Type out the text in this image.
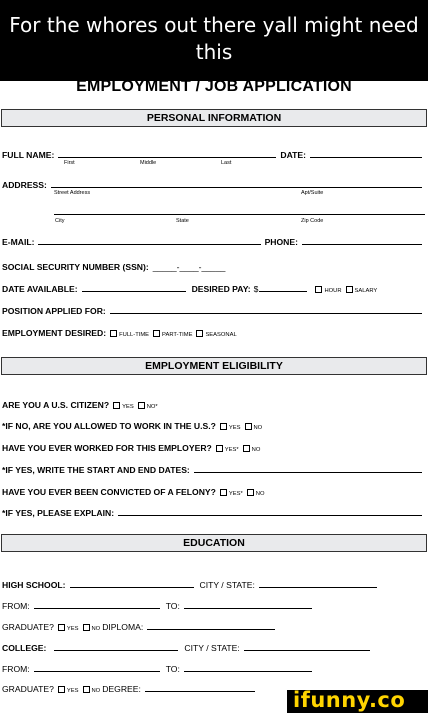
For the whores out there yall might need this
EMPLOYMENT / JOB APPLICATION
PERSONAL INFORMATION
FULL NAME:	DATE:
First	Middle	Last
ADDRESS:
Street Address	Apt/Suite
City	State	Zip Code
E-MAIL:	PHONE:
SOCIAL SECURITY NUMBER (SSN): _____-____-_____
DATE AVAILABLE:	DESIRED PAY: $	HOUR SALARY
POSITION APPLIED FOR:
EMPLOYMENT DESIRED: FULL-TIME PART-TIME SEASONAL
EMPLOYMENT ELIGIBILITY
ARE YOU A U.S. CITIZEN? YES NO*
*IF NO, ARE YOU ALLOWED TO WORK IN THE U.S.? YES NO
HAVE YOU EVER WORKED FOR THIS EMPLOYER? YES* NO
*IF YES, WRITE THE START AND END DATES:
HAVE YOU EVER BEEN CONVICTED OF A FELONY? YES* NO
*IF YES, PLEASE EXPLAIN:
EDUCATION
HIGH SCHOOL:	CITY / STATE:
FROM:	TO:
GRADUATE? YES NO DIPLOMA:
COLLEGE:	CITY / STATE:
FROM:	TO:
GRADUATE? YES NO DEGREE:	ifunny.co
